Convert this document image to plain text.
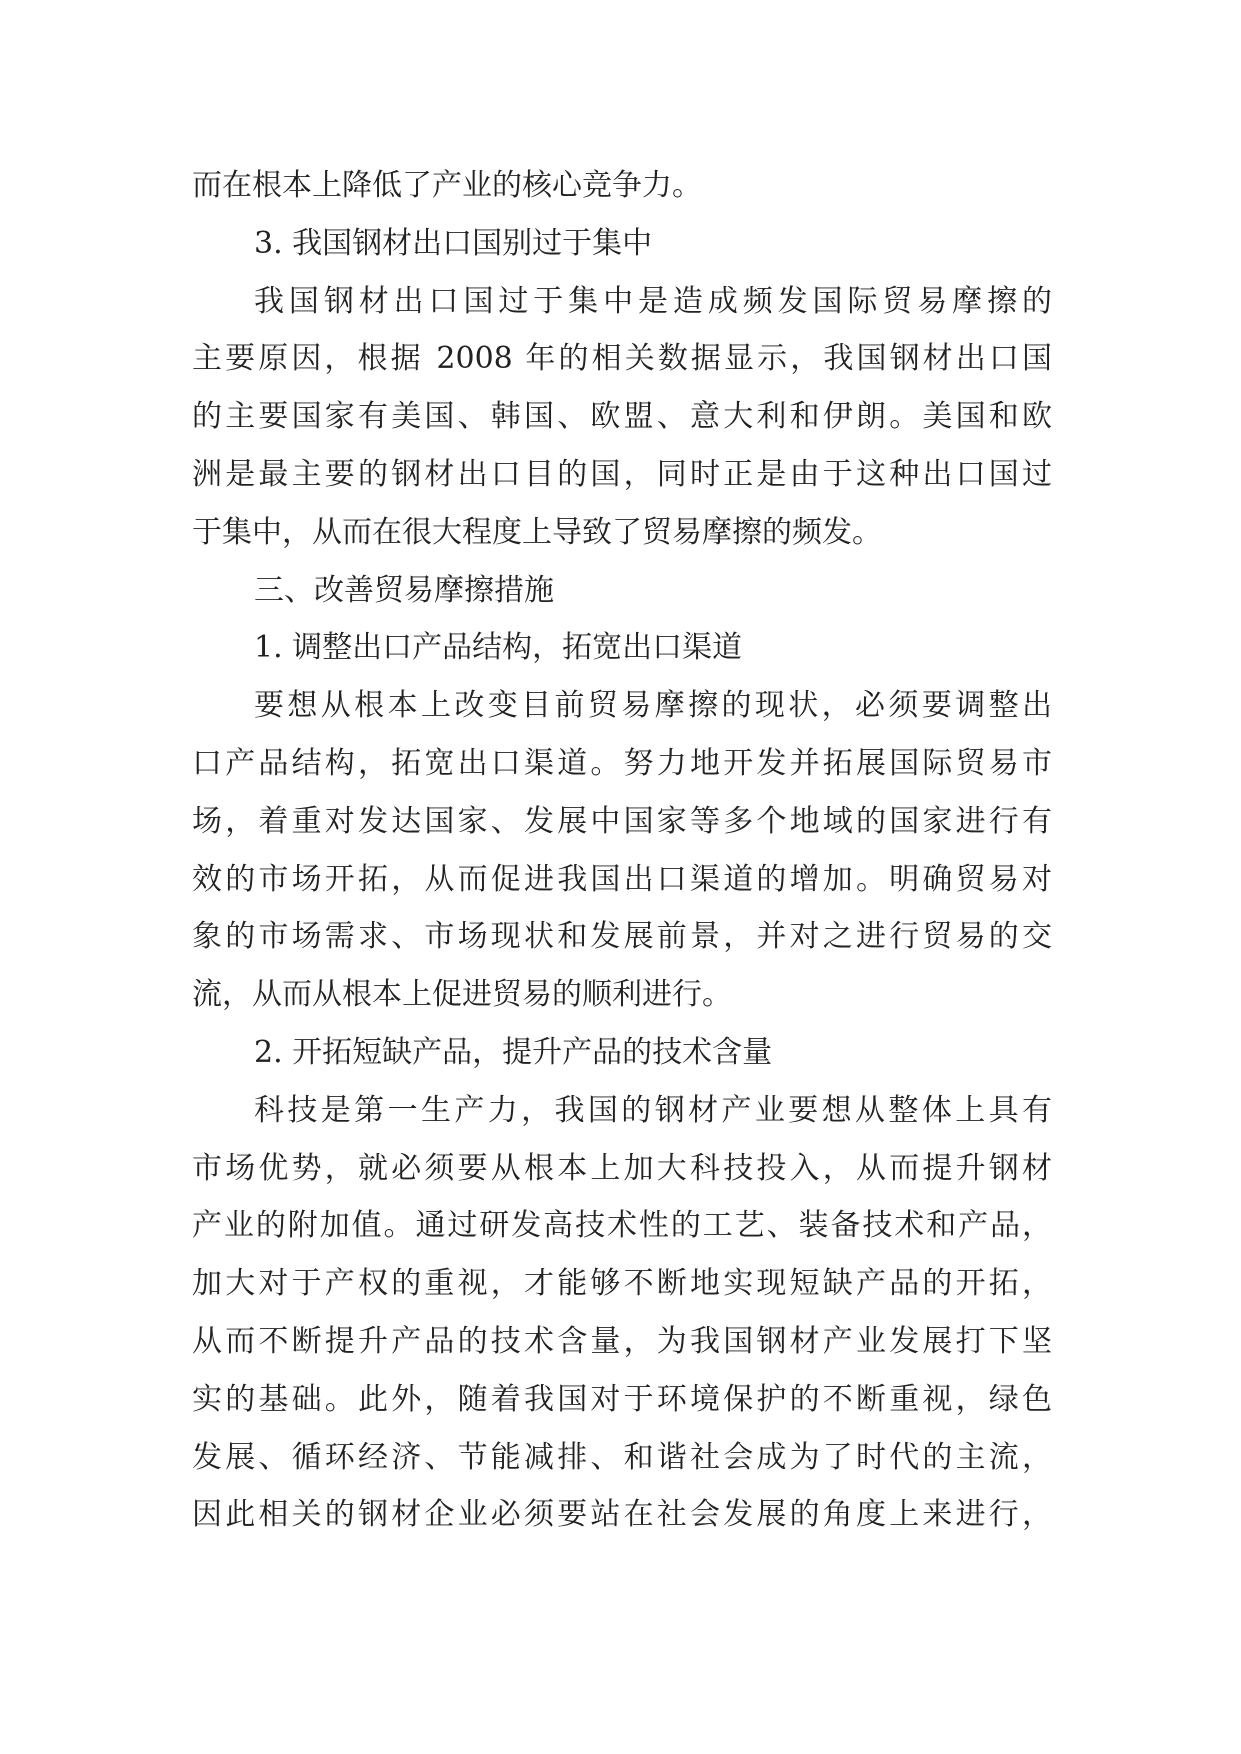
而在根本上降低了产业的核心竞争力。
3. 我国钢材出口国别过于集中
我国钢材出口国过于集中是造成频发国际贸易摩擦的
主要原因，根据 2008 年的相关数据显示，我国钢材出口国
的主要国家有美国、韩国、欧盟、意大利和伊朗。美国和欧
洲是最主要的钢材出口目的国，同时正是由于这种出口国过
于集中，从而在很大程度上导致了贸易摩擦的频发。
三、改善贸易摩擦措施
1. 调整出口产品结构，拓宽出口渠道
要想从根本上改变目前贸易摩擦的现状，必须要调整出
口产品结构，拓宽出口渠道。努力地开发并拓展国际贸易市
场，着重对发达国家、发展中国家等多个地域的国家进行有
效的市场开拓，从而促进我国出口渠道的增加。明确贸易对
象的市场需求、市场现状和发展前景，并对之进行贸易的交
流，从而从根本上促进贸易的顺利进行。
2. 开拓短缺产品，提升产品的技术含量
科技是第一生产力，我国的钢材产业要想从整体上具有
市场优势，就必须要从根本上加大科技投入，从而提升钢材
产业的附加值。通过研发高技术性的工艺、装备技术和产品，
加大对于产权的重视，才能够不断地实现短缺产品的开拓，
从而不断提升产品的技术含量，为我国钢材产业发展打下坚
实的基础。此外，随着我国对于环境保护的不断重视，绿色
发展、循环经济、节能减排、和谐社会成为了时代的主流，
因此相关的钢材企业必须要站在社会发展的角度上来进行，
